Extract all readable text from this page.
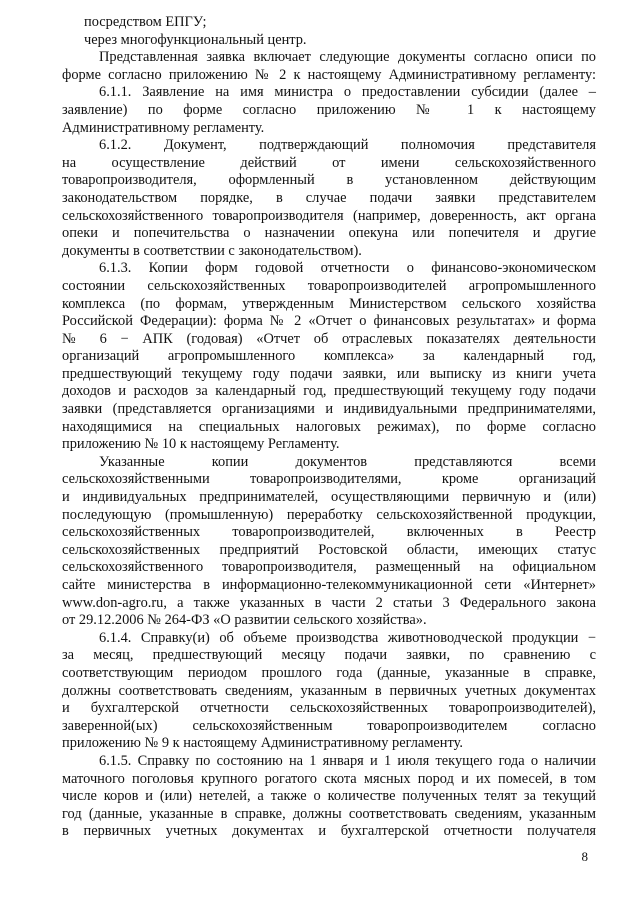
посредством ЕПГУ;
через многофункциональный центр.
Представленная заявка включает следующие документы согласно описи по
форме согласно приложению № 2 к настоящему Административному регламенту:
6.1.1. Заявление на имя министра о предоставлении субсидии (далее –
заявление) по форме согласно приложению № 1 к настоящему
Административному регламенту.
6.1.2. Документ, подтверждающий полномочия представителя
на осуществление действий от имени сельскохозяйственного
товаропроизводителя, оформленный в установленном действующим
законодательством порядке, в случае подачи заявки представителем
сельскохозяйственного товаропроизводителя (например, доверенность, акт органа
опеки и попечительства о назначении опекуна или попечителя и другие
документы в соответствии с законодательством).
6.1.3. Копии форм годовой отчетности о финансово-экономическом
состоянии сельскохозяйственных товаропроизводителей агропромышленного
комплекса (по формам, утвержденным Министерством сельского хозяйства
Российской Федерации): форма № 2 «Отчет о финансовых результатах» и форма
№ 6 − АПК (годовая) «Отчет об отраслевых показателях деятельности
организаций агропромышленного комплекса» за календарный год,
предшествующий текущему году подачи заявки, или выписку из книги учета
доходов и расходов за календарный год, предшествующий текущему году подачи
заявки (представляется организациями и индивидуальными предпринимателями,
находящимися на специальных налоговых режимах), по форме согласно
приложению № 10 к настоящему Регламенту.
Указанные копии документов представляются всеми
сельскохозяйственными товаропроизводителями, кроме организаций
и индивидуальных предпринимателей, осуществляющими первичную и (или)
последующую (промышленную) переработку сельскохозяйственной продукции,
сельскохозяйственных товаропроизводителей, включенных в Реестр
сельскохозяйственных предприятий Ростовской области, имеющих статус
сельскохозяйственного товаропроизводителя, размещенный на официальном
сайте министерства в информационно-телекоммуникационной сети «Интернет»
www.don-agro.ru, а также указанных в части 2 статьи 3 Федерального закона
от 29.12.2006 № 264-ФЗ «О развитии сельского хозяйства».
6.1.4. Справку(и) об объеме производства животноводческой продукции −
за месяц, предшествующий месяцу подачи заявки, по сравнению с
соответствующим периодом прошлого года (данные, указанные в справке,
должны соответствовать сведениям, указанным в первичных учетных документах
и бухгалтерской отчетности сельскохозяйственных товаропроизводителей),
заверенной(ых) сельскохозяйственным товаропроизводителем согласно
приложению № 9 к настоящему Административному регламенту.
6.1.5. Справку по состоянию на 1 января и 1 июля текущего года о наличии
маточного поголовья крупного рогатого скота мясных пород и их помесей, в том
числе коров и (или) нетелей, а также о количестве полученных телят за текущий
год (данные, указанные в справке, должны соответствовать сведениям, указанным
в первичных учетных документах и бухгалтерской отчетности получателя
8
